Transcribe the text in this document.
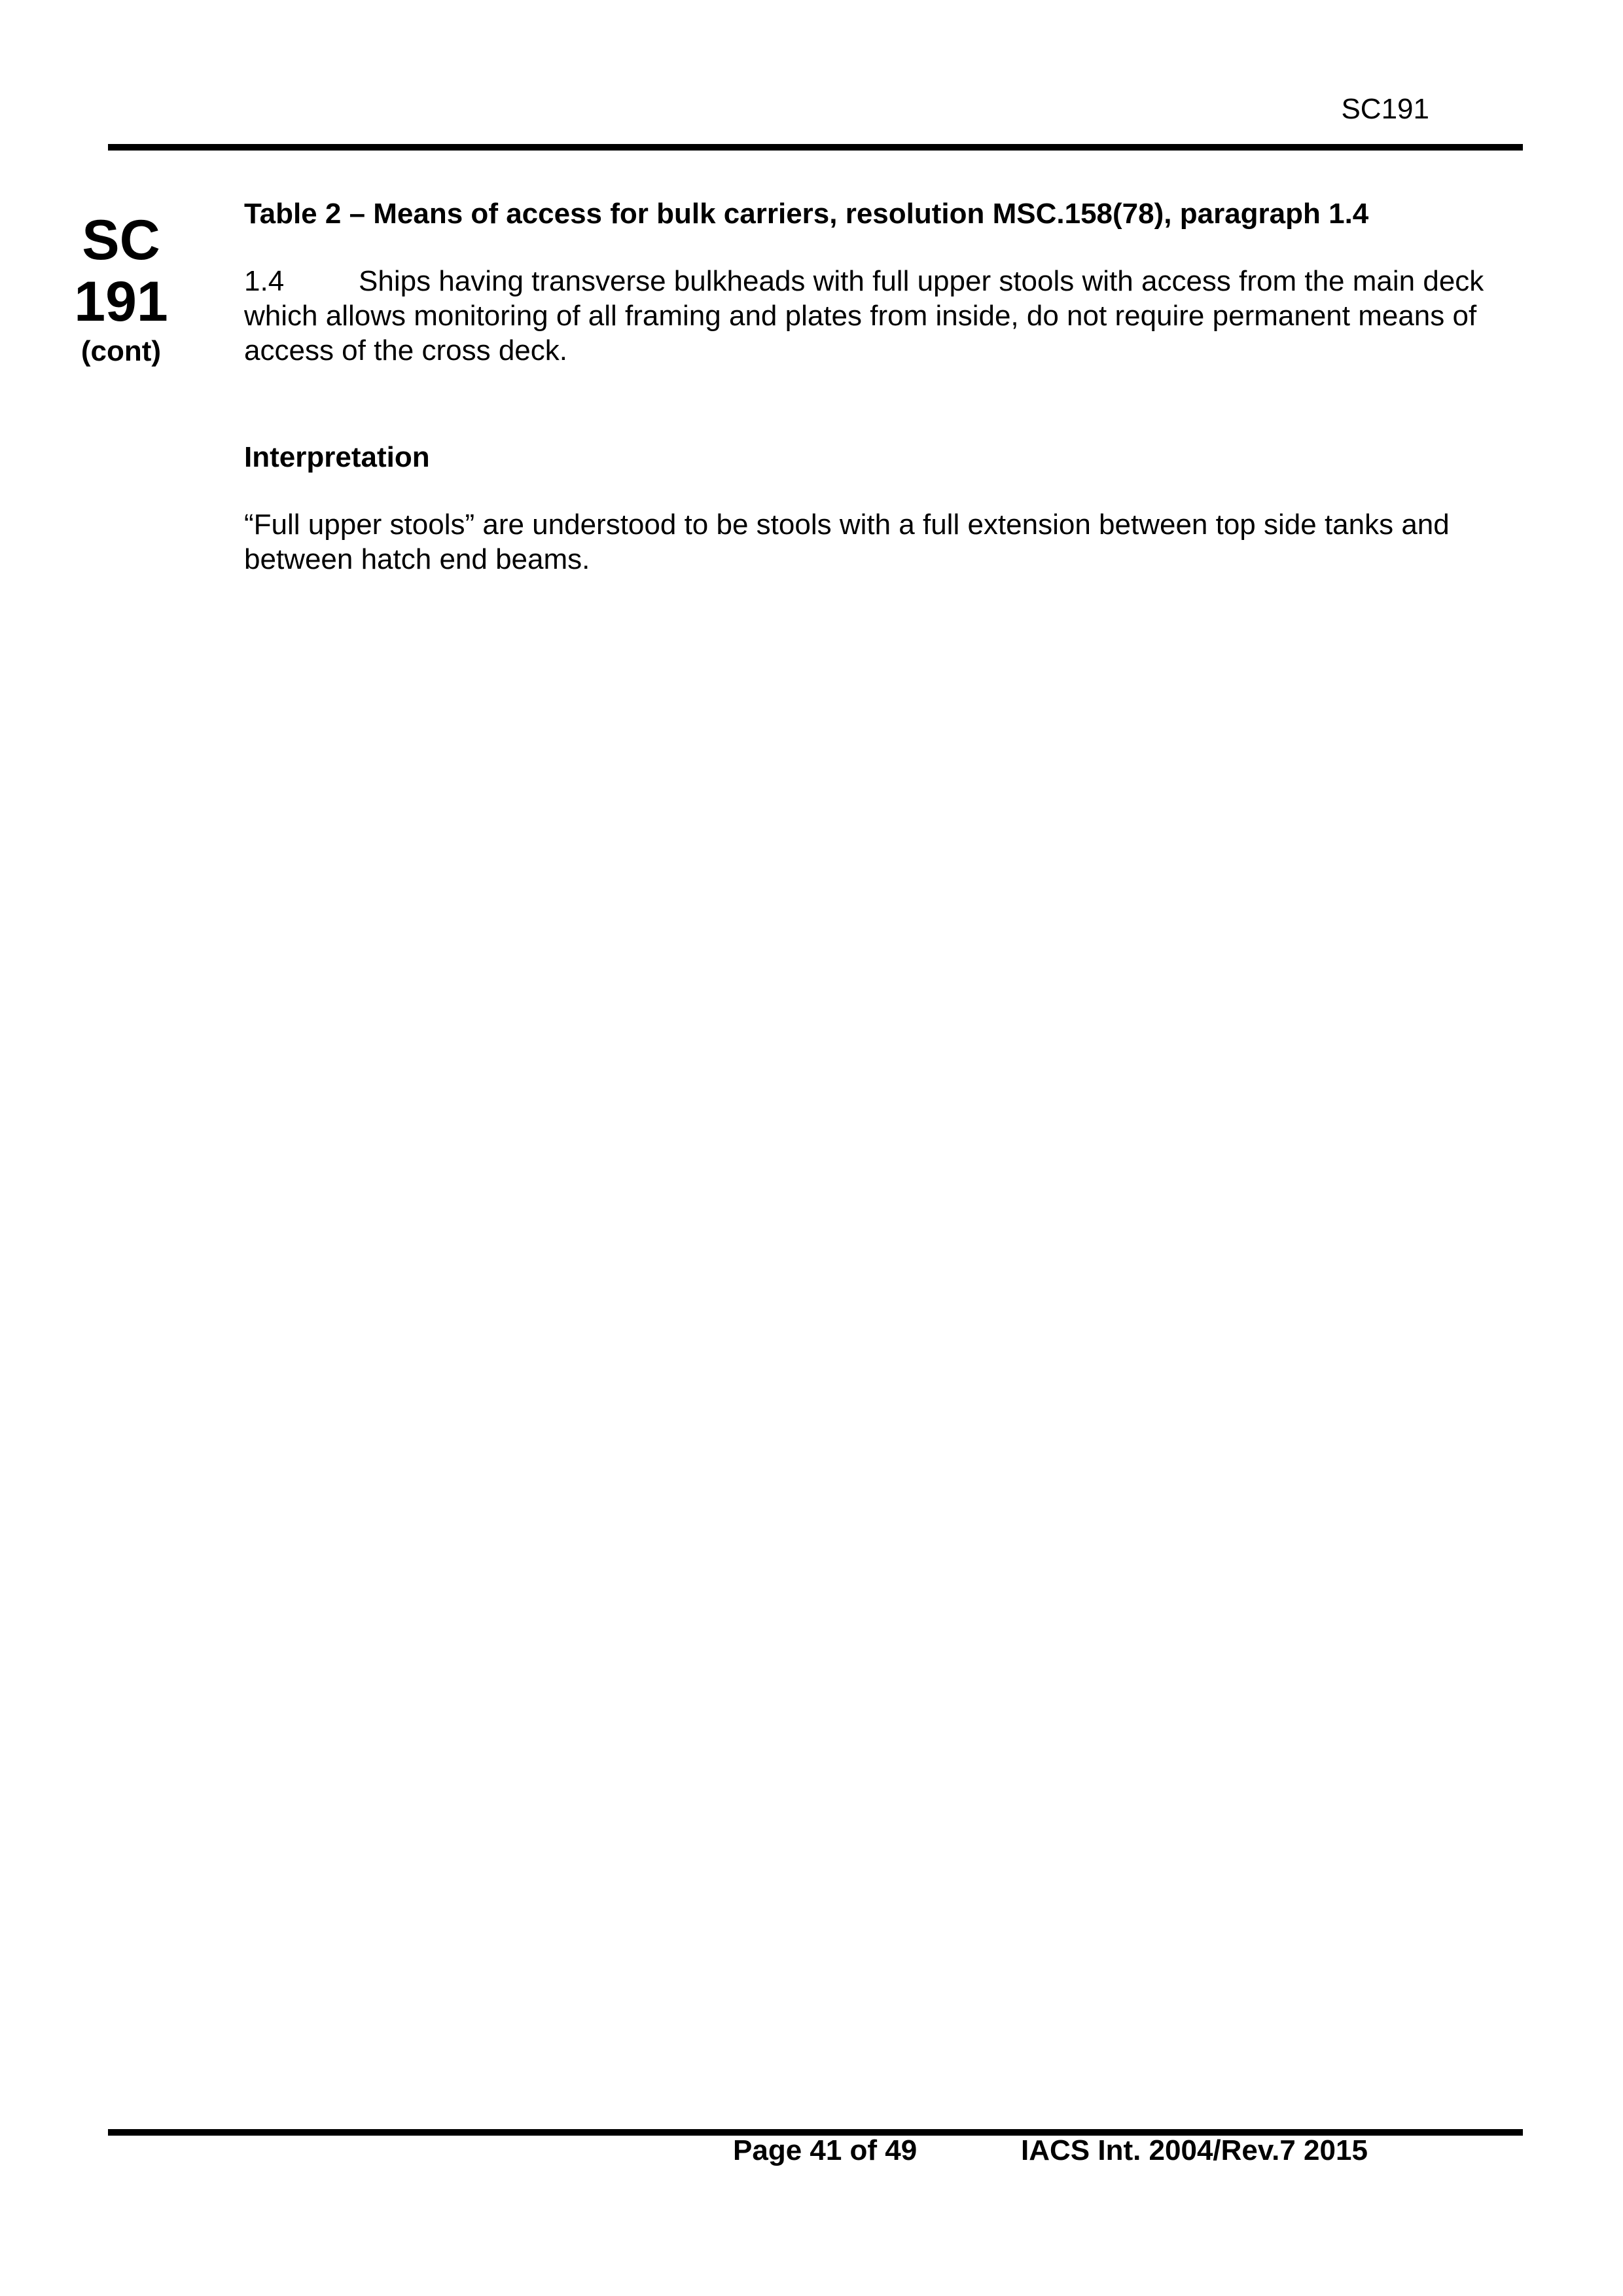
SC191
SC
191
(cont)
Table 2 – Means of access for bulk carriers, resolution MSC.158(78), paragraph 1.4

1.4	Ships having transverse bulkheads with full upper stools with access from the main deck which allows monitoring of all framing and plates from inside, do not require permanent means of access of the cross deck.

Interpretation

“Full upper stools” are understood to be stools with a full extension between top side tanks and between hatch end beams.

Page 41 of 49	IACS Int. 2004/Rev.7 2015
